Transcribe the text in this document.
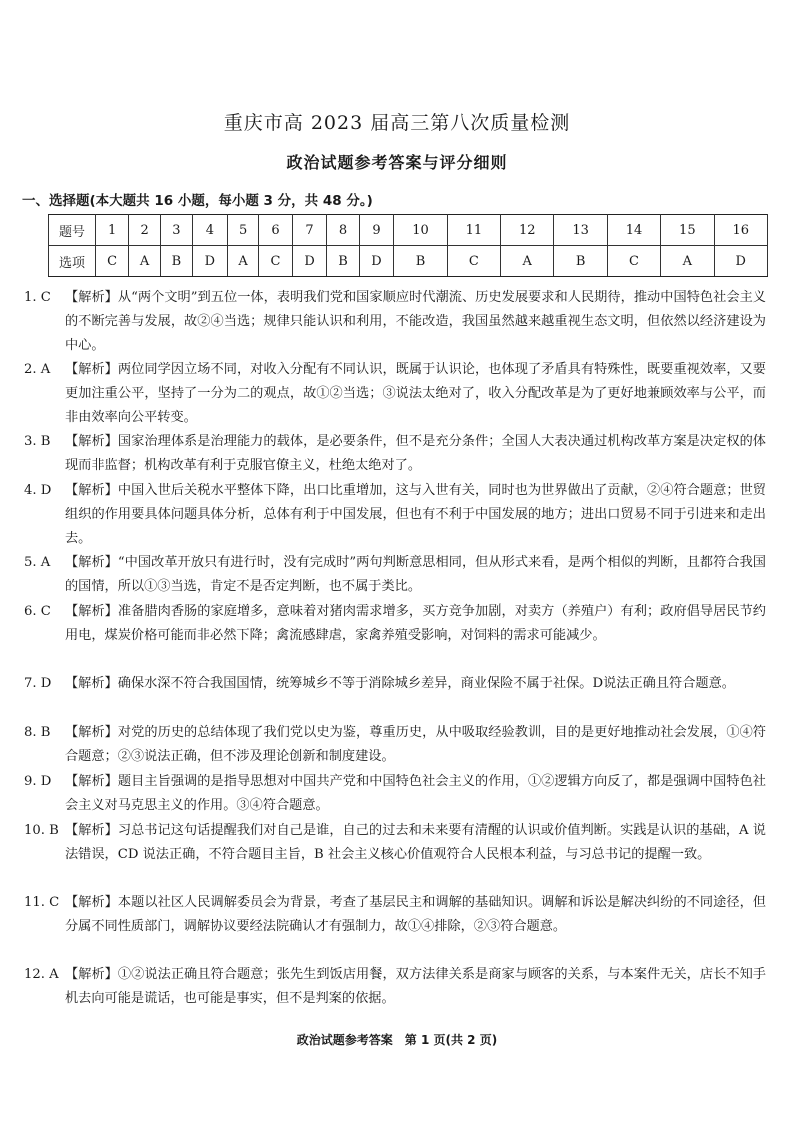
重庆市高 2023 届高三第八次质量检测
政治试题参考答案与评分细则
一、选择题(本大题共 16 小题，每小题 3 分，共 48 分。)
题号	1	2	3	4	5	6	7	8	9	10	11	12	13	14	15	16
选项	C	A	B	D	A	C	D	B	D	B	C	A	B	C	A	D
1. C 【解析】从“两个文明”到五位一体，表明我们党和国家顺应时代潮流、历史发展要求和人民期待，推动中国特色社会主义的不断完善与发展，故②④当选；规律只能认识和利用，不能改造，我国虽然越来越重视生态文明，但依然以经济建设为中心。
2. A 【解析】两位同学因立场不同，对收入分配有不同认识，既属于认识论，也体现了矛盾具有特殊性，既要重视效率，又要更加注重公平，坚持了一分为二的观点，故①②当选；③说法太绝对了，收入分配改革是为了更好地兼顾效率与公平，而非由效率向公平转变。
3. B 【解析】国家治理体系是治理能力的载体，是必要条件，但不是充分条件；全国人大表决通过机构改革方案是决定权的体现而非监督；机构改革有利于克服官僚主义，杜绝太绝对了。
4. D 【解析】中国入世后关税水平整体下降，出口比重增加，这与入世有关，同时也为世界做出了贡献，②④符合题意；世贸组织的作用要具体问题具体分析，总体有利于中国发展，但也有不利于中国发展的地方；进出口贸易不同于引进来和走出去。
5. A 【解析】“中国改革开放只有进行时，没有完成时”两句判断意思相同，但从形式来看，是两个相似的判断，且都符合我国的国情，所以①③当选，肯定不是否定判断，也不属于类比。
6. C 【解析】准备腊肉香肠的家庭增多，意味着对猪肉需求增多，买方竞争加剧，对卖方（养殖户）有利；政府倡导居民节约用电，煤炭价格可能而非必然下降；禽流感肆虐，家禽养殖受影响，对饲料的需求可能减少。
7. D 【解析】确保水深不符合我国国情，统筹城乡不等于消除城乡差异，商业保险不属于社保。D说法正确且符合题意。
8. B 【解析】对党的历史的总结体现了我们党以史为鉴，尊重历史，从中吸取经验教训，目的是更好地推动社会发展，①④符合题意；②③说法正确，但不涉及理论创新和制度建设。
9. D 【解析】题目主旨强调的是指导思想对中国共产党和中国特色社会主义的作用，①②逻辑方向反了，都是强调中国特色社会主义对马克思主义的作用。③④符合题意。
10. B 【解析】习总书记这句话提醒我们对自己是谁，自己的过去和未来要有清醒的认识或价值判断。实践是认识的基础，A 说法错误，CD 说法正确，不符合题目主旨，B 社会主义核心价值观符合人民根本利益，与习总书记的提醒一致。
11. C 【解析】本题以社区人民调解委员会为背景，考查了基层民主和调解的基础知识。调解和诉讼是解决纠纷的不同途径，但分属不同性质部门，调解协议要经法院确认才有强制力，故①④排除，②③符合题意。
12. A 【解析】①②说法正确且符合题意；张先生到饭店用餐，双方法律关系是商家与顾客的关系，与本案件无关，店长不知手机去向可能是谎话，也可能是事实，但不是判案的依据。
政治试题参考答案　第 1 页(共 2 页)
